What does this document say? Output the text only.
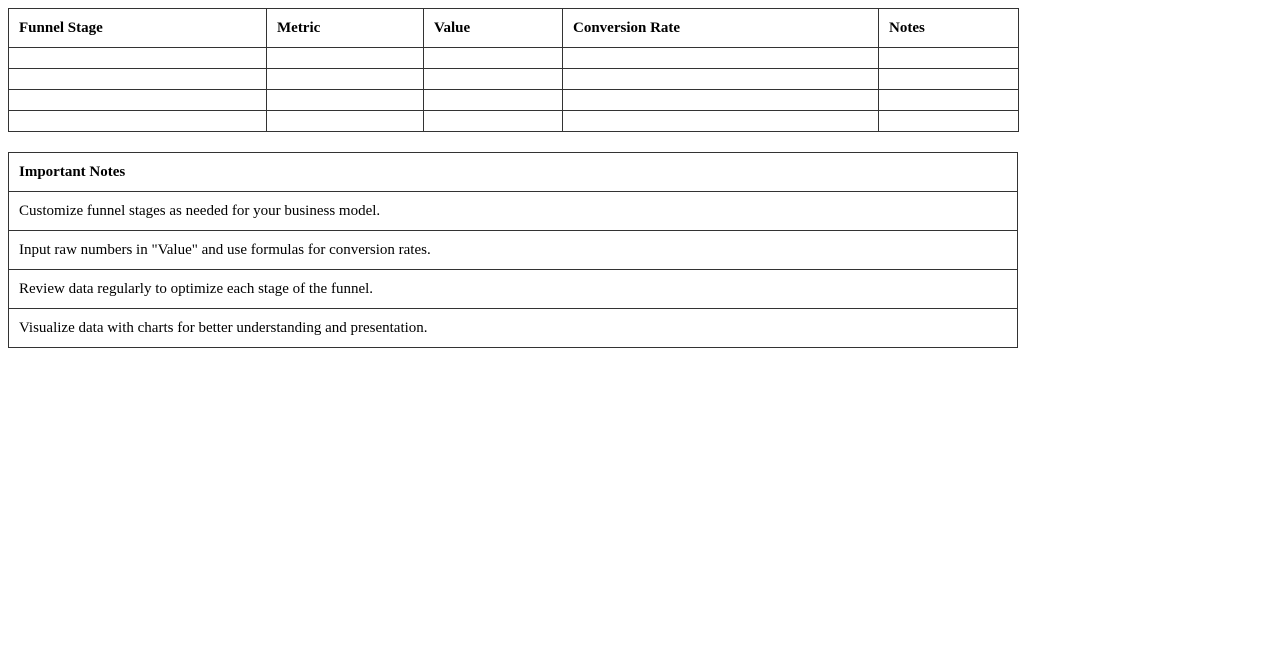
Funnel Stage	Metric	Value	Conversion Rate	Notes

Important Notes
Customize funnel stages as needed for your business model.
Input raw numbers in "Value" and use formulas for conversion rates.
Review data regularly to optimize each stage of the funnel.
Visualize data with charts for better understanding and presentation.
